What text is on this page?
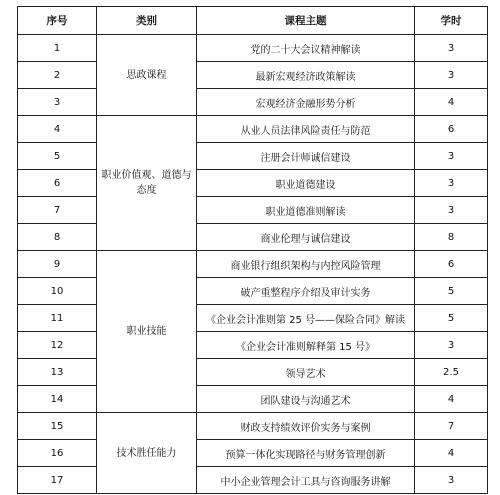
序号	类别	课程主题	学时
1	思政课程	党的二十大会议精神解读	3
2		最新宏观经济政策解读	3
3		宏观经济金融形势分析	4
4	职业价值观、道德与态度	从业人员法律风险责任与防范	6
5		注册会计师诚信建设	3
6		职业道德建设	3
7		职业道德准则解读	3
8		商业伦理与诚信建设	8
9	职业技能	商业银行组织架构与内控风险管理	6
10		破产重整程序介绍及审计实务	5
11		《企业会计准则第 25 号——保险合同》解读	5
12		《企业会计准则解释第 15 号》	3
13		领导艺术	2.5
14		团队建设与沟通艺术	4
15	技术胜任能力	财政支持绩效评价实务与案例	7
16		预算一体化实现路径与财务管理创新	4
17		中小企业管理会计工具与咨询服务讲解	3
